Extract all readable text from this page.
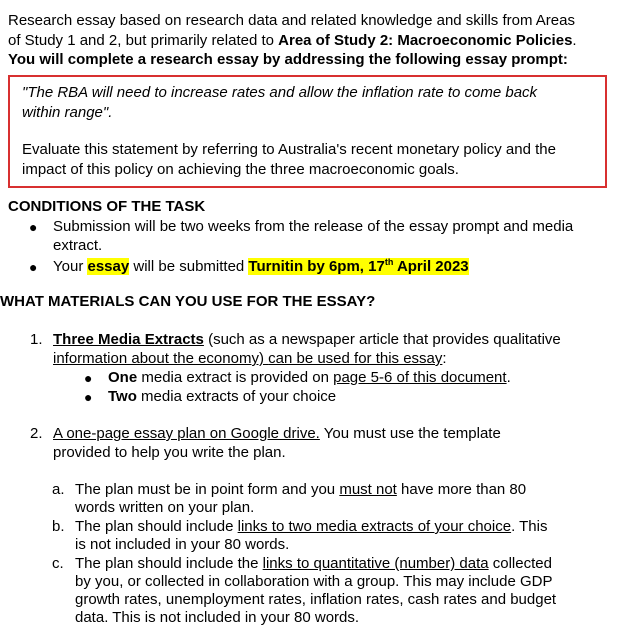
Research essay based on research data and related knowledge and skills from Areas
of Study 1 and 2, but primarily related to Area of Study 2: Macroeconomic Policies.
You will complete a research essay by addressing the following essay prompt:
"The RBA will need to increase rates and allow the inflation rate to come back
within range".
Evaluate this statement by referring to Australia's recent monetary policy and the
impact of this policy on achieving the three macroeconomic goals.
CONDITIONS OF THE TASK
● Submission will be two weeks from the release of the essay prompt and media
extract.
● Your essay will be submitted Turnitin by 6pm, 17th April 2023
WHAT MATERIALS CAN YOU USE FOR THE ESSAY?
1. Three Media Extracts (such as a newspaper article that provides qualitative
information about the economy) can be used for this essay:
● One media extract is provided on page 5-6 of this document.
● Two media extracts of your choice
2. A one-page essay plan on Google drive. You must use the template
provided to help you write the plan.
a. The plan must be in point form and you must not have more than 80
words written on your plan.
b. The plan should include links to two media extracts of your choice. This
is not included in your 80 words.
c. The plan should include the links to quantitative (number) data collected
by you, or collected in collaboration with a group. This may include GDP
growth rates, unemployment rates, inflation rates, cash rates and budget
data. This is not included in your 80 words.
